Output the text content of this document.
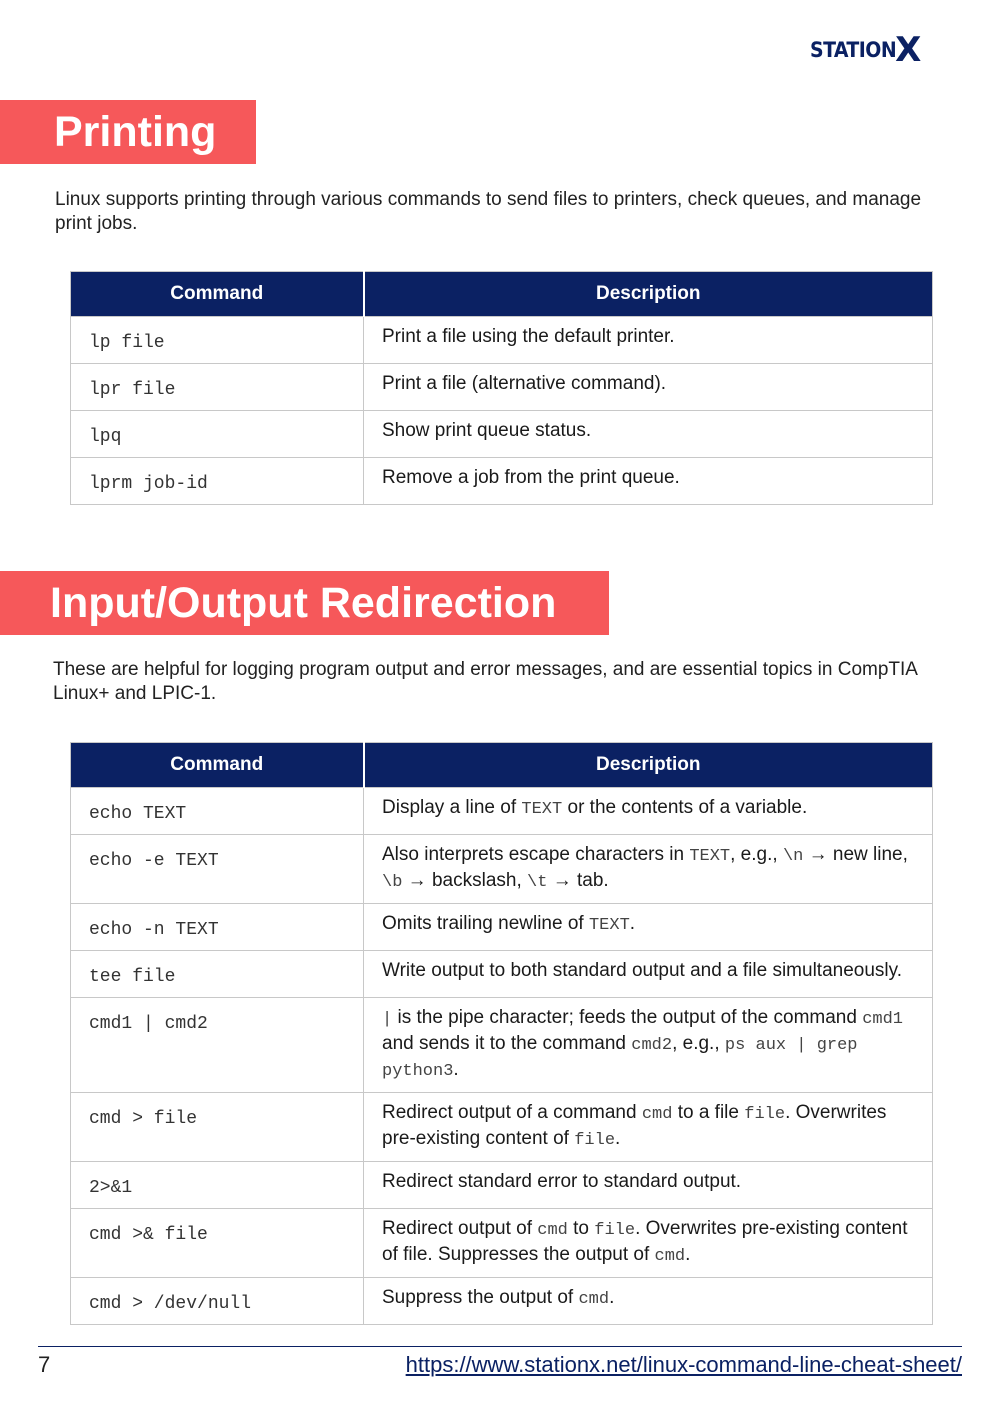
STATION X
Printing

Linux supports printing through various commands to send files to printers, check queues, and manage print jobs.

Command	Description
lp file	Print a file using the default printer.
lpr file	Print a file (alternative command).
lpq	Show print queue status.
lprm job-id	Remove a job from the print queue.
Input/Output Redirection

These are helpful for logging program output and error messages, and are essential topics in CompTIA Linux+ and LPIC-1.

Command	Description
echo TEXT	Display a line of TEXT or the contents of a variable.
echo -e TEXT	Also interprets escape characters in TEXT, e.g., \n → new line, \b → backslash, \t → tab.
echo -n TEXT	Omits trailing newline of TEXT.
tee file	Write output to both standard output and a file simultaneously.
cmd1 | cmd2	| is the pipe character; feeds the output of the command cmd1 and sends it to the command cmd2, e.g., ps aux | grep python3.
cmd > file	Redirect output of a command cmd to a file file. Overwrites pre-existing content of file.
2>&1	Redirect standard error to standard output.
cmd >& file	Redirect output of cmd to file. Overwrites pre-existing content of file. Suppresses the output of cmd.
cmd > /dev/null	Suppress the output of cmd.
7	https://www.stationx.net/linux-command-line-cheat-sheet/
